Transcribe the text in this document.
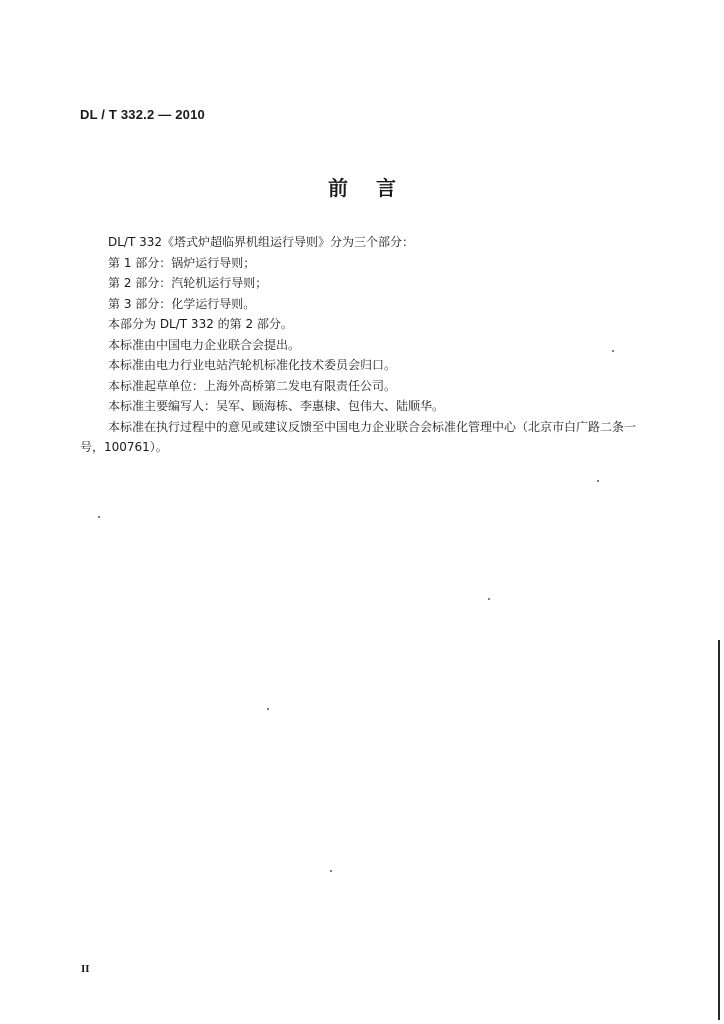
DL / T 332.2 — 2010
前言

DL/T 332《塔式炉超临界机组运行导则》分为三个部分：

第 1 部分：锅炉运行导则；

第 2 部分：汽轮机运行导则；

第 3 部分：化学运行导则。

本部分为 DL/T 332 的第 2 部分。

本标准由中国电力企业联合会提出。

本标准由电力行业电站汽轮机标准化技术委员会归口。

本标准起草单位：上海外高桥第二发电有限责任公司。

本标准主要编写人：吴军、顾海栋、李惠棣、包伟大、陆顺华。

本标准在执行过程中的意见或建议反馈至中国电力企业联合会标准化管理中心（北京市白广路二条一号，100761）。

II
